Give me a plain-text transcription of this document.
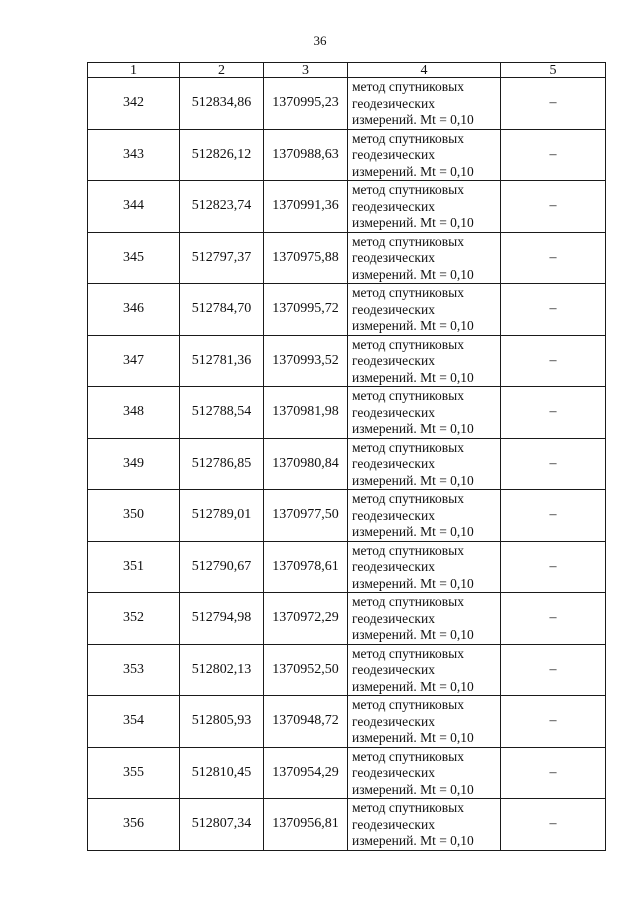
36
1	2	3	4	5
342	512834,86	1370995,23	метод спутниковых
геодезических
измерений. Mt = 0,10	–
343	512826,12	1370988,63	метод спутниковых
геодезических
измерений. Mt = 0,10	–
344	512823,74	1370991,36	метод спутниковых
геодезических
измерений. Mt = 0,10	–
345	512797,37	1370975,88	метод спутниковых
геодезических
измерений. Mt = 0,10	–
346	512784,70	1370995,72	метод спутниковых
геодезических
измерений. Mt = 0,10	–
347	512781,36	1370993,52	метод спутниковых
геодезических
измерений. Mt = 0,10	–
348	512788,54	1370981,98	метод спутниковых
геодезических
измерений. Mt = 0,10	–
349	512786,85	1370980,84	метод спутниковых
геодезических
измерений. Mt = 0,10	–
350	512789,01	1370977,50	метод спутниковых
геодезических
измерений. Mt = 0,10	–
351	512790,67	1370978,61	метод спутниковых
геодезических
измерений. Mt = 0,10	–
352	512794,98	1370972,29	метод спутниковых
геодезических
измерений. Mt = 0,10	–
353	512802,13	1370952,50	метод спутниковых
геодезических
измерений. Mt = 0,10	–
354	512805,93	1370948,72	метод спутниковых
геодезических
измерений. Mt = 0,10	–
355	512810,45	1370954,29	метод спутниковых
геодезических
измерений. Mt = 0,10	–
356	512807,34	1370956,81	метод спутниковых
геодезических
измерений. Mt = 0,10	–
